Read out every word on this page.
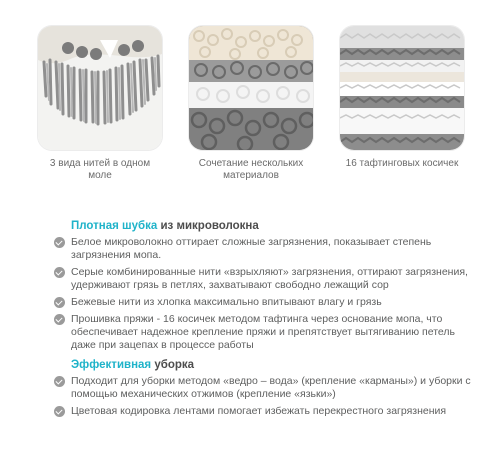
3 вида нитей в одном моле
Сочетание нескольких материалов
16 тафтинговых косичек
Плотная шубка из микроволокна
Белое микроволокно оттирает сложные загрязнения, показывает степень загрязнения мопа.
Серые комбинированные нити «взрыхляют» загрязнения, оттирают загрязнения, удерживают грязь в петлях, захватывают свободно лежащий сор
Бежевые нити из хлопка максимально впитывают влагу и грязь
Прошивка пряжи - 16 косичек методом тафтинга через основание мопа, что обеспечивает надежное крепление пряжи и препятствует вытягиванию петель даже при зацепах в процессе работы
Эффективная уборка
Подходит для уборки методом «ведро – вода» (крепление «карманы») и уборки с помощью механических отжимов (крепление «язьки»)
Цветовая кодировка лентами помогает избежать перекрестного загрязнения
